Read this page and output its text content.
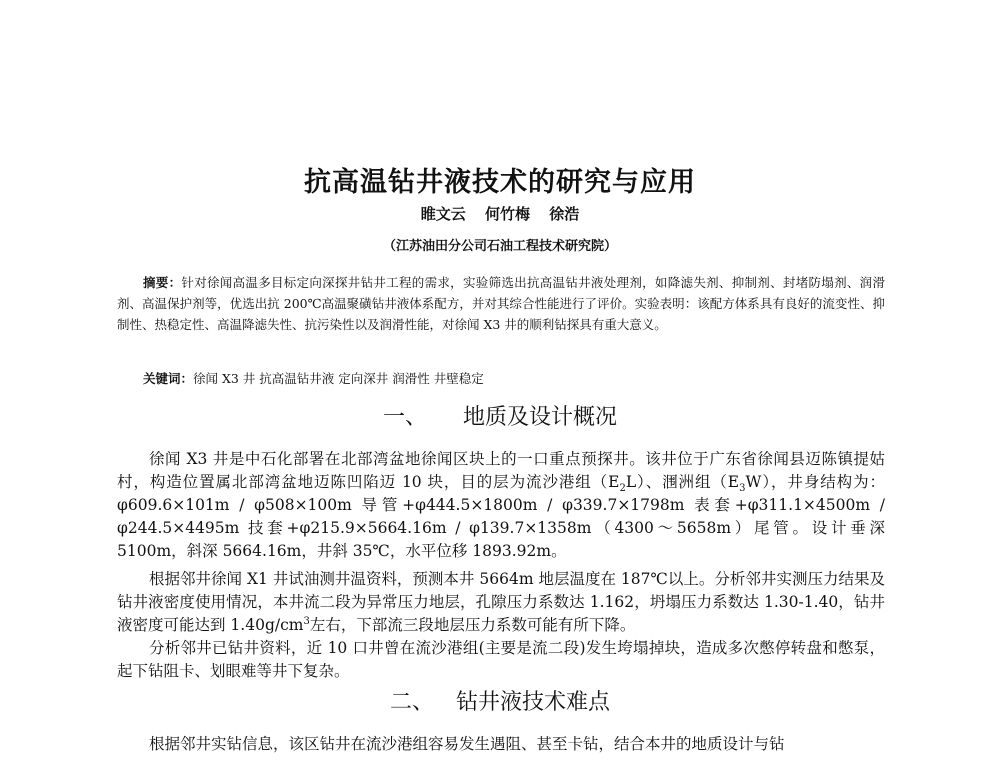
抗高温钻井液技术的研究与应用

睢文云 何竹梅 徐浩

（江苏油田分公司石油工程技术研究院）

摘要：针对徐闻高温多目标定向深探井钻井工程的需求，实验筛选出抗高温钻井液处理剂，如降滤失剂、抑制剂、封堵防塌剂、润滑剂、高温保护剂等，优选出抗 200℃高温聚磺钻井液体系配方，并对其综合性能进行了评价。实验表明：该配方体系具有良好的流变性、抑制性、热稳定性、高温降滤失性、抗污染性以及润滑性能，对徐闻 X3 井的顺利钻探具有重大意义。

关键词：徐闻 X3 井 抗高温钻井液 定向深井 润滑性 井壁稳定

一、 地质及设计概况

徐闻 X3 井是中石化部署在北部湾盆地徐闻区块上的一口重点预探井。该井位于广东省徐闻县迈陈镇提姑村，构造位置属北部湾盆地迈陈凹陷迈 10 块，目的层为流沙港组$(E_2L)$、涠洲组$(E_3W)$，井身结构为：φ609.6×101m / φ508×100m 导管+φ444.5×1800m / φ339.7×1798m 表套+φ311.1×4500m / φ244.5×4495m 技套+φ215.9×5664.16m / φ139.7×1358m（4300～5658m）尾管。设计垂深 5100m，斜深 5664.16m，井斜 35℃，水平位移 1893.92m。

根据邻井徐闻 X1 井试油测井温资料，预测本井 5664m 地层温度在 187℃以上。分析邻井实测压力结果及钻井液密度使用情况，本井流二段为异常压力地层，孔隙压力系数达 1.162，坍塌压力系数达 1.30-1.40，钻井液密度可能达到 $1.40g/cm^3$左右，下部流三段地层压力系数可能有所下降。

分析邻井已钻井资料，近 10 口井曾在流沙港组(主要是流二段)发生垮塌掉块，造成多次憋停转盘和憋泵，起下钻阻卡、划眼难等井下复杂。

二、 钻井液技术难点

根据邻井实钻信息，该区钻井在流沙港组容易发生遇阻、甚至卡钻，结合本井的地质设计与钻
